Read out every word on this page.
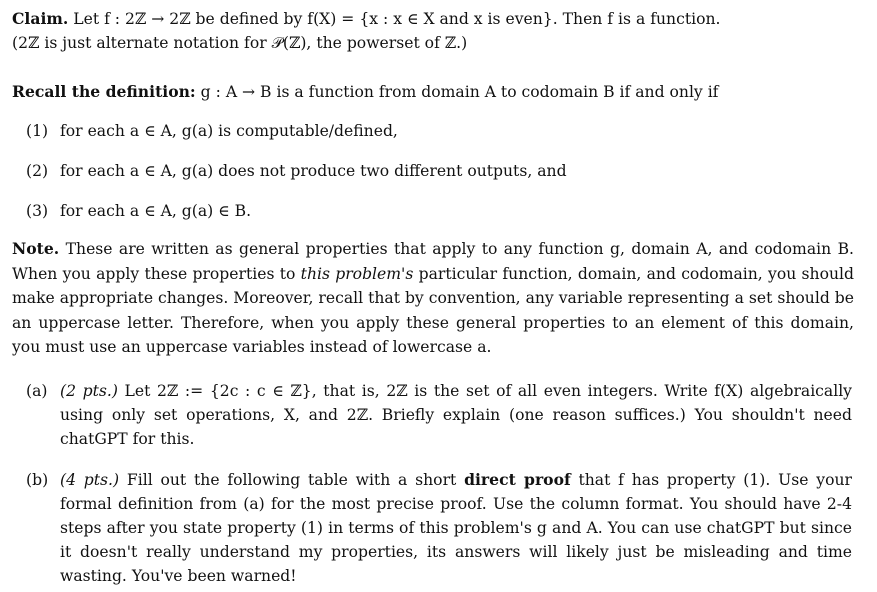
Claim. Let f : 2ℤ → 2ℤ be defined by f(X) = {x : x ∈ X and x is even}. Then f is a function.
(2ℤ is just alternate notation for 𝒫(ℤ), the powerset of ℤ.)
Recall the definition: g : A → B is a function from domain A to codomain B if and only if
(1) for each a ∈ A, g(a) is computable/defined,
(2) for each a ∈ A, g(a) does not produce two different outputs, and
(3) for each a ∈ A, g(a) ∈ B.
Note. These are written as general properties that apply to any function g, domain A, and codomain B. When you apply these properties to this problem's particular function, domain, and codomain, you should make appropriate changes. Moreover, recall that by convention, any variable representing a set should be an uppercase letter. Therefore, when you apply these general properties to an element of this domain, you must use an uppercase variables instead of lowercase a.
(a) (2 pts.) Let 2ℤ := {2c : c ∈ ℤ}, that is, 2ℤ is the set of all even integers. Write f(X) algebraically using only set operations, X, and 2ℤ. Briefly explain (one reason suffices.) You shouldn't need chatGPT for this.
(b) (4 pts.) Fill out the following table with a short direct proof that f has property (1). Use your formal definition from (a) for the most precise proof. Use the column format. You should have 2-4 steps after you state property (1) in terms of this problem's g and A. You can use chatGPT but since it doesn't really understand my properties, its answers will likely just be misleading and time wasting. You've been warned!
